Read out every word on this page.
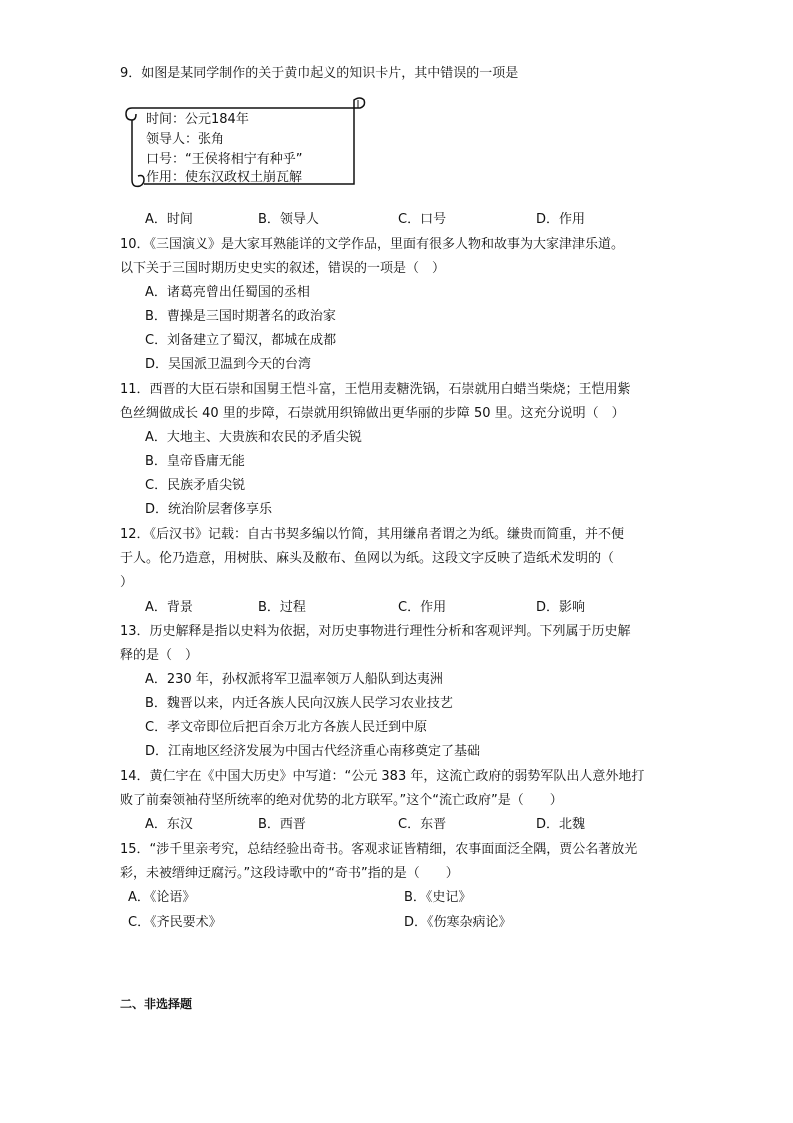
9．如图是某同学制作的关于黄巾起义的知识卡片，其中错误的一项是
时间：公元184年
领导人：张角
口号：“王侯将相宁有种乎”
作用：使东汉政权土崩瓦解
A．时间	B．领导人	C．口号	D．作用
10．《三国演义》是大家耳熟能详的文学作品，里面有很多人物和故事为大家津津乐道。
以下关于三国时期历史史实的叙述，错误的一项是（　）
A．诸葛亮曾出任蜀国的丞相
B．曹操是三国时期著名的政治家
C．刘备建立了蜀汉，都城在成都
D．吴国派卫温到今天的台湾
11．西晋的大臣石崇和国舅王恺斗富，王恺用麦糖洗锅，石崇就用白蜡当柴烧；王恺用紫
色丝绸做成长 40 里的步障，石崇就用织锦做出更华丽的步障 50 里。这充分说明（　）
A．大地主、大贵族和农民的矛盾尖锐
B．皇帝昏庸无能
C．民族矛盾尖锐
D．统治阶层奢侈享乐
12．《后汉书》记载：自古书契多编以竹简，其用缣帛者谓之为纸。缣贵而简重，并不便
于人。伦乃造意，用树肤、麻头及敝布、鱼网以为纸。这段文字反映了造纸术发明的（
）
A．背景	B．过程	C．作用	D．影响
13．历史解释是指以史料为依据，对历史事物进行理性分析和客观评判。下列属于历史解
释的是（　）
A．230 年，孙权派将军卫温率领万人船队到达夷洲
B．魏晋以来，内迁各族人民向汉族人民学习农业技艺
C．孝文帝即位后把百余万北方各族人民迁到中原
D．江南地区经济发展为中国古代经济重心南移奠定了基础
14．黄仁宇在《中国大历史》中写道：“公元 383 年，这流亡政府的弱势军队出人意外地打
败了前秦领袖苻坚所统率的绝对优势的北方联军。”这个“流亡政府”是（　　）
A．东汉	B．西晋	C．东晋	D．北魏
15．“涉千里亲考究，总结经验出奇书。客观求证皆精细，农事面面泛全隅，贾公名著放光
彩，未被缙绅迂腐污。”这段诗歌中的“奇书”指的是（　　）
A．《论语》	B．《史记》
C．《齐民要术》	D．《伤寒杂病论》
二、非选择题
